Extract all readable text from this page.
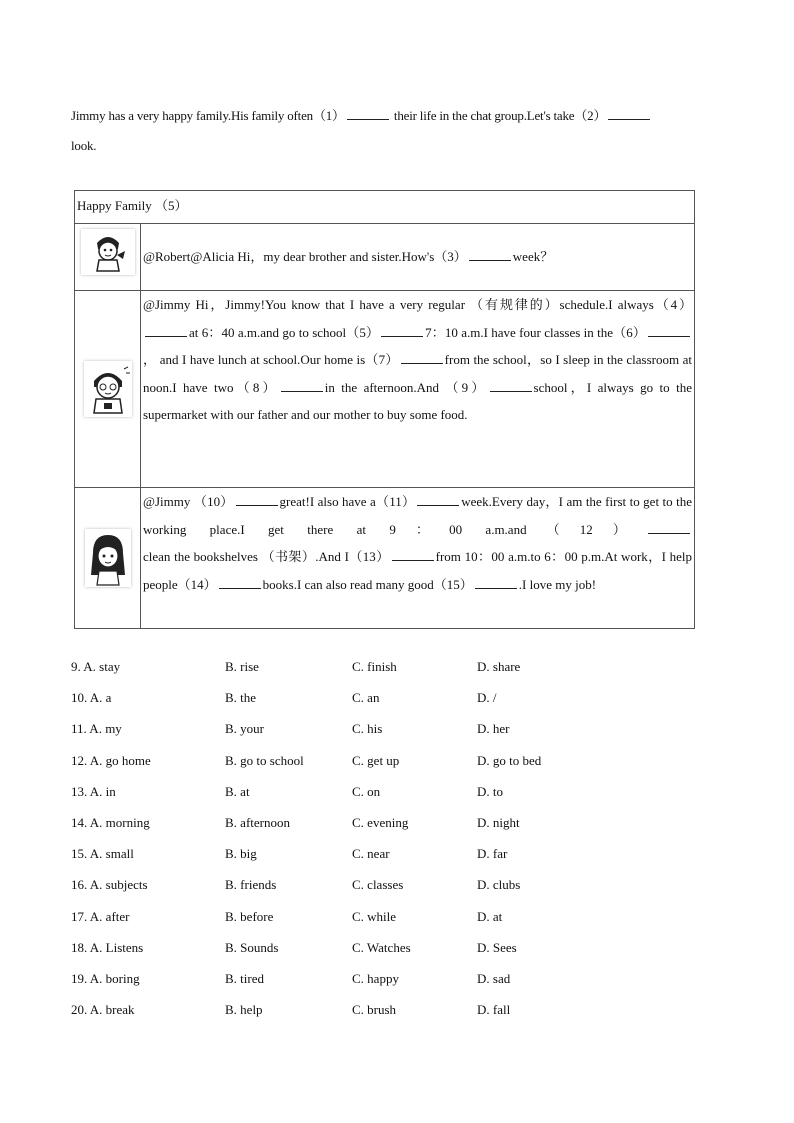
Jimmy has a very happy family.His family often（1）	their life in the chat group.Let's take（2）
look.
Happy Family （5）	

	@Robert@Alicia Hi，my dear brother and sister.How's（3） week？

	@Jimmy Hi，Jimmy!You know that I have a very regular （有规律的）schedule.I always（4）at 6：40 a.m.and go to school（5） 7：10 a.m.I have four classes in the（6）， and I have lunch at school.Our home is（7） from the school，so I sleep in the classroom at noon.I have two（8） in the afternoon.And （9） school，I always go to the supermarket with our father and our mother to buy some food.

	@Jimmy （10） great!I also have a（11） week.Every day，I am the first to get to the working place.I get there at 9：00 a.m.and（12）clean the bookshelves （书架）.And I（13） from 10：00 a.m.to 6：00 p.m.At work，I help people（14） books.I can also read many good（15） .I love my job!
9. A. stay	B. rise	C. finish	D. share
10. A. a	B. the	C. an	D. /
11. A. my	B. your	C. his	D. her
12. A. go home	B. go to school	C. get up	D. go to bed
13. A. in	B. at	C. on	D. to
14. A. morning	B. afternoon	C. evening	D. night
15. A. small	B. big	C. near	D. far
16. A. subjects	B. friends	C. classes	D. clubs
17. A. after	B. before	C. while	D. at
18. A. Listens	B. Sounds	C. Watches	D. Sees
19. A. boring	B. tired	C. happy	D. sad
20. A. break	B. help	C. brush	D. fall
